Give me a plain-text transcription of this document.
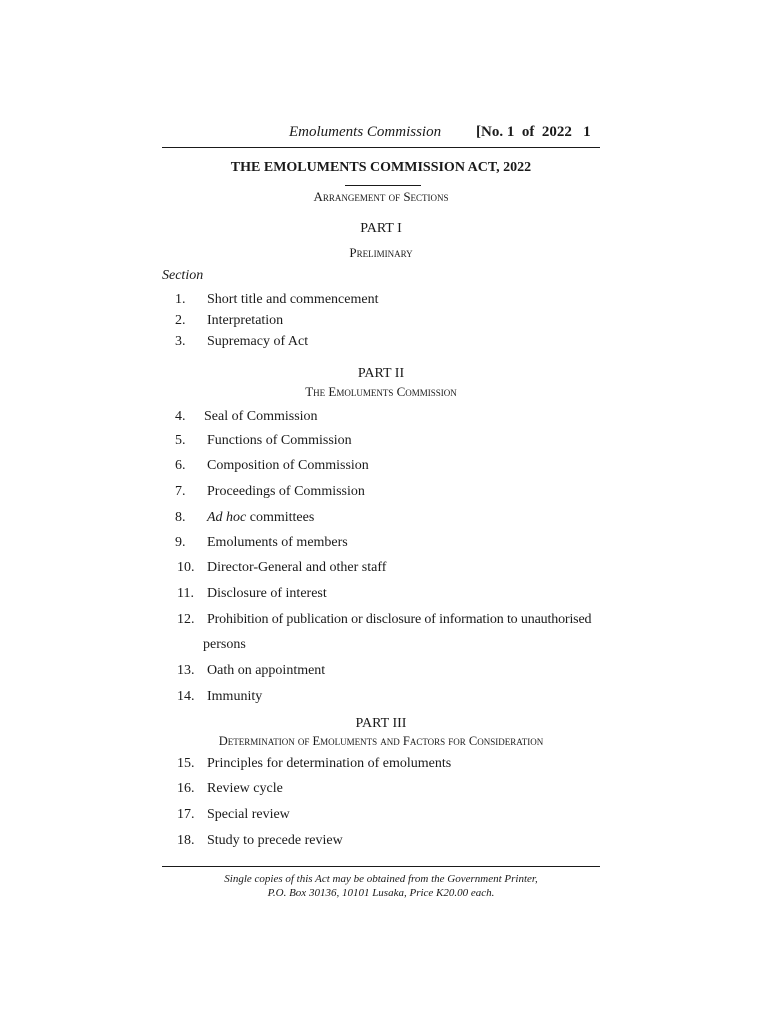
Emoluments Commission [No. 1  of  2022   1
THE EMOLUMENTS COMMISSION ACT, 2022
Arrangement of Sections
PART I
Preliminary
Section
1.	Short title and commencement
2.	Interpretation
3.	Supremacy of Act
PART II
The Emoluments Commission
4.	Seal of Commission
5.	Functions of Commission
6.	Composition of Commission
7.	Proceedings of Commission
8.	Ad hoc committees
9.	Emoluments of members
10. Director-General and other staff
11. Disclosure of interest
12. Prohibition of publication or disclosure of information to unauthorised
persons
13. Oath on appointment
14. Immunity
PART III
Determination of Emoluments and Factors for Consideration
15. Principles for determination of emoluments
16. Review cycle
17. Special review
18. Study to precede review
Single copies of this Act may be obtained from the Government Printer,
P.O. Box 30136, 10101 Lusaka, Price K20.00 each.
